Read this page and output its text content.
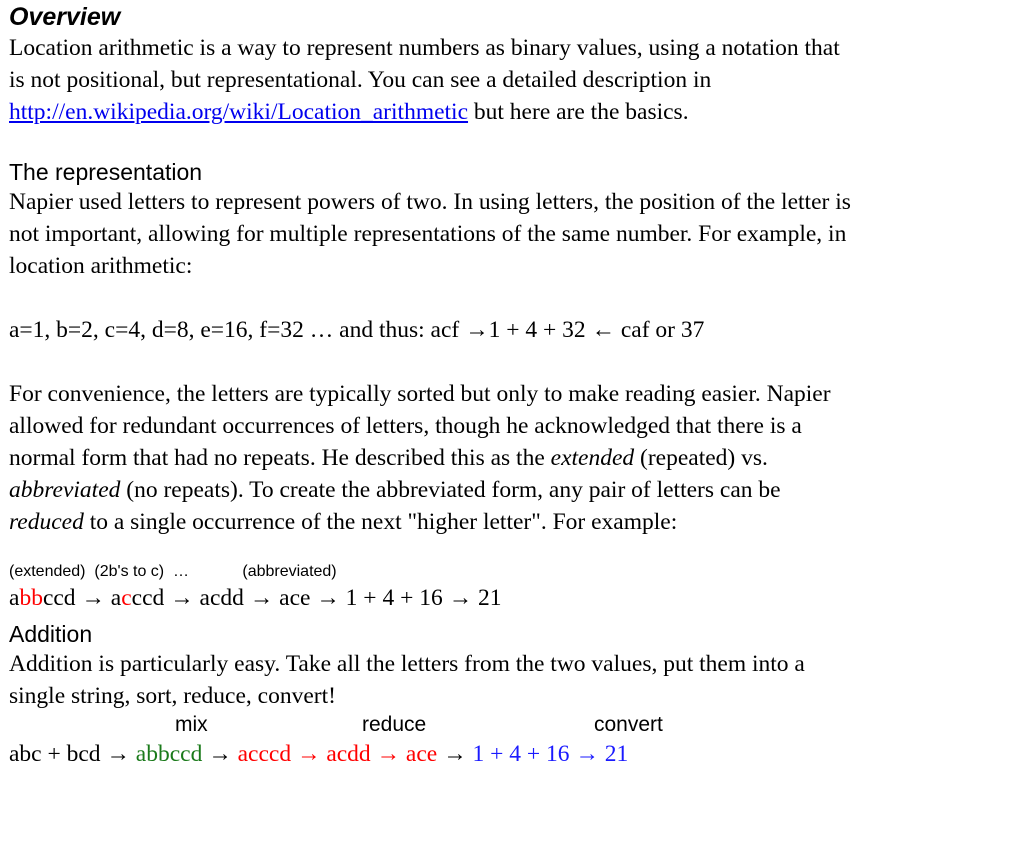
Overview

Location arithmetic is a way to represent numbers as binary values, using a notation that
is not positional, but representational. You can see a detailed description in
http://en.wikipedia.org/wiki/Location_arithmetic but here are the basics.

The representation

Napier used letters to represent powers of two. In using letters, the position of the letter is
not important, allowing for multiple representations of the same number. For example, in
location arithmetic:

a=1, b=2, c=4, d=8, e=16, f=32 … and thus: acf →1 + 4 + 32 ← caf or 37

For convenience, the letters are typically sorted but only to make reading easier. Napier
allowed for redundant occurrences of letters, though he acknowledged that there is a
normal form that had no repeats. He described this as the extended (repeated) vs.
abbreviated (no repeats). To create the abbreviated form, any pair of letters can be
reduced to a single occurrence of the next "higher letter". For example:

(extended)  (2b's to c)  …            (abbreviated)

abbccd → acccd → acdd → ace → 1 + 4 + 16 → 21

Addition

Addition is particularly easy. Take all the letters from the two values, put them into a
single string, sort, reduce, convert!

mix	reduce	convert

abc + bcd → abbccd → acccd → acdd → ace → 1 + 4 + 16 → 21
